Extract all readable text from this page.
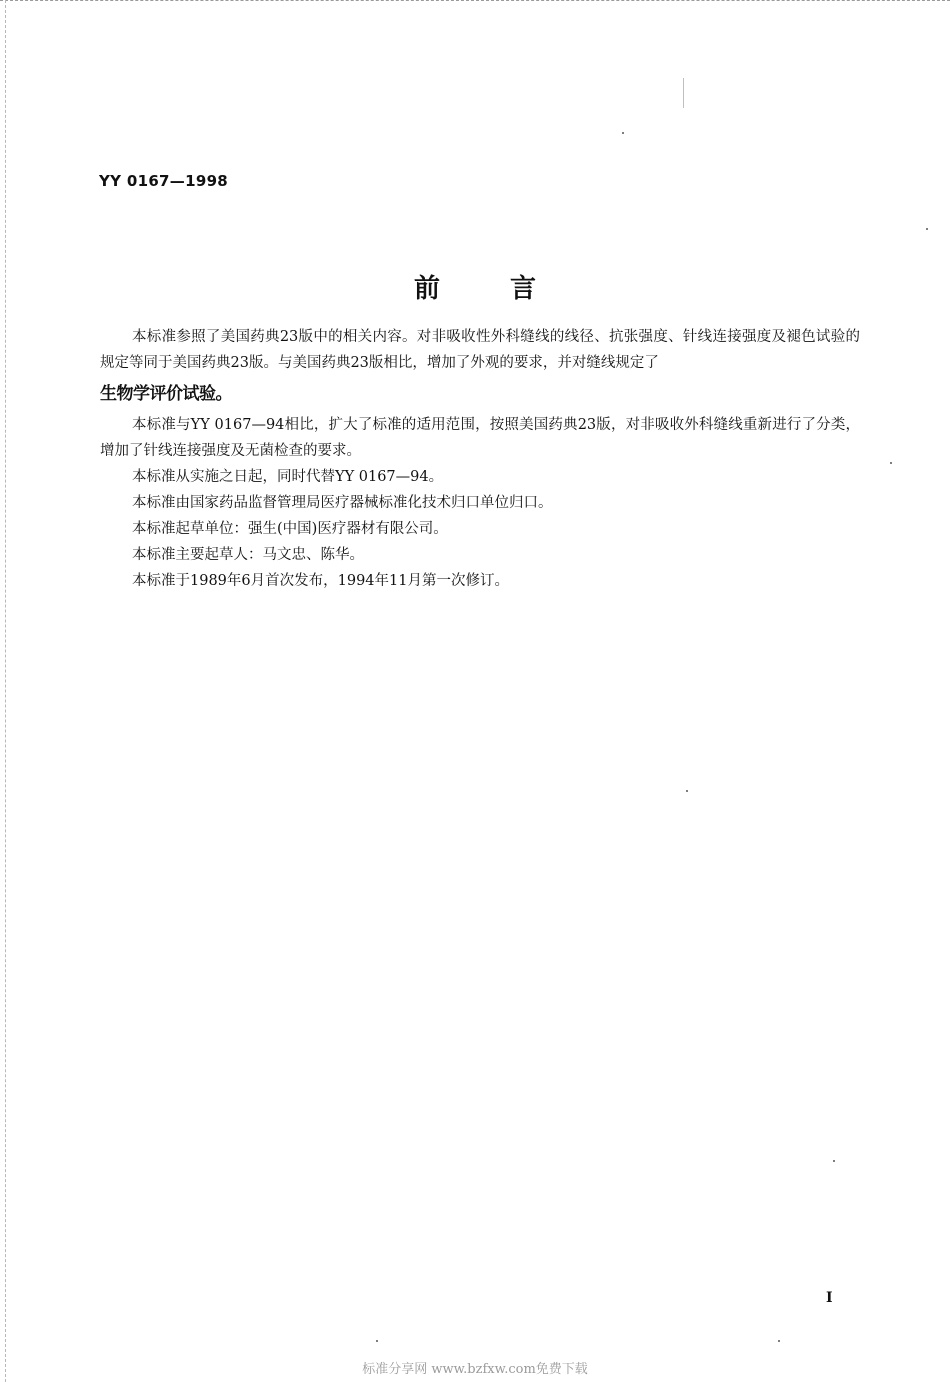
YY 0167—1998
前言

本标准参照了美国药典23版中的相关内容。对非吸收性外科缝线的线径、抗张强度、针线连接强度及褪色试验的规定等同于美国药典23版。与美国药典23版相比，增加了外观的要求，并对缝线规定了
生物学评价试验。

本标准与YY 0167—94相比，扩大了标准的适用范围，按照美国药典23版，对非吸收外科缝线重新进行了分类，增加了针线连接强度及无菌检查的要求。

本标准从实施之日起，同时代替YY 0167—94。

本标准由国家药品监督管理局医疗器械标准化技术归口单位归口。

本标准起草单位：强生(中国)医疗器材有限公司。

本标准主要起草人：马文忠、陈华。

本标准于1989年6月首次发布，1994年11月第一次修订。

I
标准分享网 www.bzfxw.com免费下载
